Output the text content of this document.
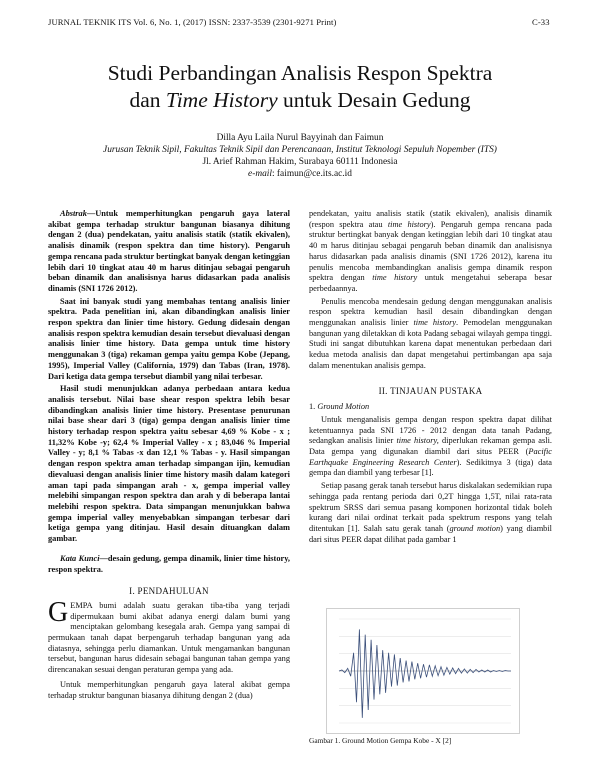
JURNAL TEKNIK ITS Vol. 6, No. 1, (2017) ISSN: 2337-3539 (2301-9271 Print)	C-33
Studi Perbandingan Analisis Respon Spektra
dan Time History untuk Desain Gedung
Dilla Ayu Laila Nurul Bayyinah dan Faimun
Jurusan Teknik Sipil, Fakultas Teknik Sipil dan Perencanaan, Institut Teknologi Sepuluh Nopember (ITS)
Jl. Arief Rahman Hakim, Surabaya 60111 Indonesia
e-mail: faimun@ce.its.ac.id

Abstrak—Untuk memperhitungkan pengaruh gaya lateral akibat gempa terhadap struktur bangunan biasanya dihitung dengan 2 (dua) pendekatan, yaitu analisis statik (statik ekivalen), analisis dinamik (respon spektra dan time history). Pengaruh gempa rencana pada struktur bertingkat banyak dengan ketinggian lebih dari 10 tingkat atau 40 m harus ditinjau sebagai pengaruh beban dinamik dan analisisnya harus didasarkan pada analisis dinamis (SNI 1726 2012).

Saat ini banyak studi yang membahas tentang analisis linier spektra. Pada penelitian ini, akan dibandingkan analisis linier respon spektra dan linier time history. Gedung didesain dengan analisis respon spektra kemudian desain tersebut dievaluasi dengan analisis linier time history. Data gempa untuk time history menggunakan 3 (tiga) rekaman gempa yaitu gempa Kobe (Jepang, 1995), Imperial Valley (California, 1979) dan Tabas (Iran, 1978). Dari ketiga data gempa tersebut diambil yang nilai terbesar.

Hasil studi menunjukkan adanya perbedaan antara kedua analisis tersebut. Nilai base shear respon spektra lebih besar dibandingkan analisis linier time history. Presentase penurunan nilai base shear dari 3 (tiga) gempa dengan analisis linier time history terhadap respon spektra yaitu sebesar 4,69 % Kobe - x ; 11,32% Kobe -y; 62,4 % Imperial Valley - x ; 83,046 % Imperial Valley - y; 8,1 % Tabas -x dan 12,1 % Tabas - y. Hasil simpangan dengan respon spektra aman terhadap simpangan ijin, kemudian dievaluasi dengan analisis linier time history masih dalam kategori aman tapi pada simpangan arah - x, gempa imperial valley melebihi simpangan respon spektra dan arah y di beberapa lantai melebihi respon spektra. Data simpangan menunjukkan bahwa gempa imperial valley menyebabkan simpangan terbesar dari ketiga gempa yang ditinjau. Hasil desain dituangkan dalam gambar.

Kata Kunci—desain gedung, gempa dinamik, linier time history, respon spektra.

I. PENDAHULUAN

GEMPA bumi adalah suatu gerakan tiba-tiba yang terjadi dipermukaan bumi akibat adanya energi dalam bumi yang menciptakan gelombang kesegala arah. Gempa yang sampai di permukaan tanah dapat berpengaruh terhadap bangunan yang ada diatasnya, sehingga perlu diamankan. Untuk mengamankan bangunan tersebut, bangunan harus didesain sebagai bangunan tahan gempa yang direncanakan sesuai dengan peraturan gempa yang ada.

Untuk memperhitungkan pengaruh gaya lateral akibat gempa terhadap struktur bangunan biasanya dihitung dengan 2 (dua)

pendekatan, yaitu analisis statik (statik ekivalen), analisis dinamik (respon spektra atau time history). Pengaruh gempa rencana pada struktur bertingkat banyak dengan ketinggian lebih dari 10 tingkat atau 40 m harus ditinjau sebagai pengaruh beban dinamik dan analisisnya harus didasarkan pada analisis dinamis (SNI 1726 2012), karena itu penulis mencoba membandingkan analisis gempa dinamik respon spektra dengan time history untuk mengetahui seberapa besar perbedaannya.

Penulis mencoba mendesain gedung dengan menggunakan analisis respon spektra kemudian hasil desain dibandingkan dengan menggunakan analisis linier time history. Pemodelan menggunakan bangunan yang diletakkan di kota Padang sebagai wilayah gempa tinggi. Studi ini sangat dibutuhkan karena dapat menentukan perbedaan dari kedua metoda analisis dan dapat mengetahui pertimbangan apa saja dalam menentukan analisis gempa.

II. TINJAUAN PUSTAKA

1. Ground Motion

Untuk menganalisis gempa dengan respon spektra dapat dilihat ketentuannya pada SNI 1726 - 2012 dengan data tanah Padang, sedangkan analisis linier time history, diperlukan rekaman gempa asli. Data gempa yang digunakan diambil dari situs PEER (Pacific Earthquake Engineering Research Center). Sedikitnya 3 (tiga) data gempa dan diambil yang terbesar [1].

Setiap pasang gerak tanah tersebut harus diskalakan sedemikian rupa sehingga pada rentang perioda dari 0,2T hingga 1,5T, nilai rata-rata spektrum SRSS dari semua pasang komponen horizontal tidak boleh kurang dari nilai ordinat terkait pada spektrum respons yang telah ditentukan [1]. Salah satu gerak tanah (ground motion) yang diambil dari situs PEER dapat dilihat pada gambar 1

Gambar 1. Ground Motion Gempa Kobe - X [2]
